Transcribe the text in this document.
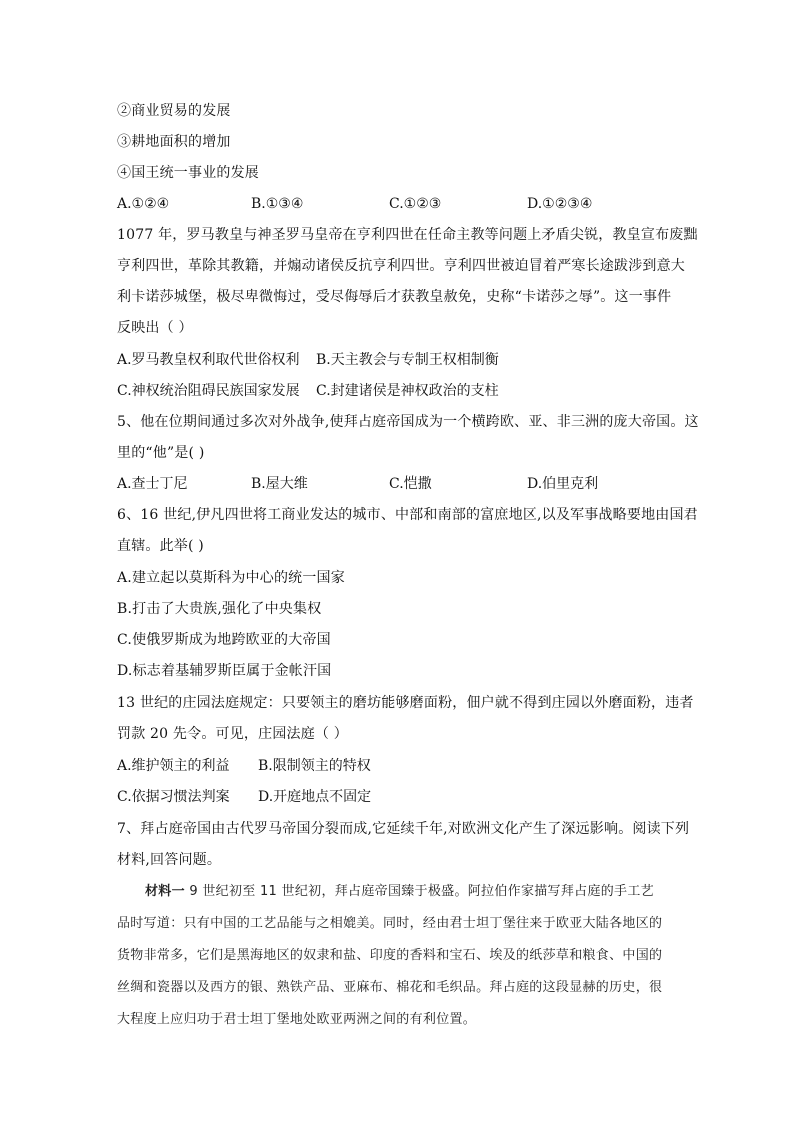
②商业贸易的发展
③耕地面积的增加
④国王统一事业的发展
A.①②④	B.①③④	C.①②③	D.①②③④
1077 年，罗马教皇与神圣罗马皇帝在亨利四世在任命主教等问题上矛盾尖锐，教皇宣布废黜
亨利四世，革除其教籍，并煽动诸侯反抗亨利四世。亨利四世被迫冒着严寒长途跋涉到意大
利卡诺莎城堡，极尽卑微悔过，受尽侮辱后才获教皇赦免，史称“卡诺莎之辱”。这一事件
反映出（ ）
A.罗马教皇权利取代世俗权利 B.天主教会与专制王权相制衡
C.神权统治阻碍民族国家发展 C.封建诸侯是神权政治的支柱
5、他在位期间通过多次对外战争,使拜占庭帝国成为一个横跨欧、亚、非三洲的庞大帝国。这
里的“他”是( )
A.查士丁尼	B.屋大维	C.恺撒	D.伯里克利
6、16 世纪,伊凡四世将工商业发达的城市、中部和南部的富庶地区,以及军事战略要地由国君
直辖。此举( )
A.建立起以莫斯科为中心的统一国家
B.打击了大贵族,强化了中央集权
C.使俄罗斯成为地跨欧亚的大帝国
D.标志着基辅罗斯臣属于金帐汗国
13 世纪的庄园法庭规定：只要领主的磨坊能够磨面粉，佃户就不得到庄园以外磨面粉，违者
罚款 20 先令。可见，庄园法庭（ ）
A.维护领主的利益 B.限制领主的特权
C.依据习惯法判案 D.开庭地点不固定
7、拜占庭帝国由古代罗马帝国分裂而成,它延续千年,对欧洲文化产生了深远影响。阅读下列
材料,回答问题。
材料一 9 世纪初至 11 世纪初，拜占庭帝国臻于极盛。阿拉伯作家描写拜占庭的手工艺
品时写道：只有中国的工艺品能与之相媲美。同时，经由君士坦丁堡往来于欧亚大陆各地区的
货物非常多，它们是黑海地区的奴隶和盐、印度的香料和宝石、埃及的纸莎草和粮食、中国的
丝绸和瓷器以及西方的银、熟铁产品、亚麻布、棉花和毛织品。拜占庭的这段显赫的历史，很
大程度上应归功于君士坦丁堡地处欧亚两洲之间的有利位置。
